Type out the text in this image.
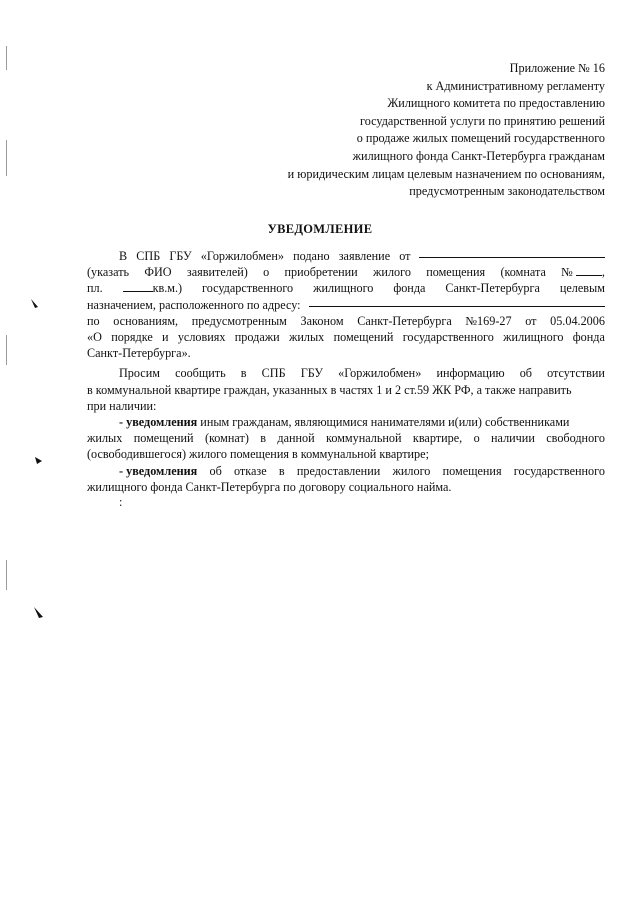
Приложение № 16
к Административному регламенту
Жилищного комитета по предоставлению
государственной услуги по принятию решений
о продаже жилых помещений государственного
жилищного фонда Санкт-Петербурга гражданам
и юридическим лицам целевым назначением по основаниям,
предусмотренным законодательством
УВЕДОМЛЕНИЕ
В
СПБ
ГБУ
«Горжилобмен»
подано
заявление
от
(указать ФИО заявителей) о приобретении жилого помещения (комната № ,
пл.	кв.м.) государственного жилищного фонда Санкт-Петербурга целевым
назначением, расположенного по адресу:
по основаниям, предусмотренным Законом Санкт-Петербурга №169-27 от 05.04.2006
«О порядке и условиях продажи жилых помещений государственного жилищного фонда
Санкт-Петербурга».
Просим сообщить в СПБ ГБУ «Горжилобмен» информацию об отсутствии
в коммунальной квартире граждан, указанных в частях 1 и 2 ст.59 ЖК РФ, а также направить
при наличии:
- уведомления
иным гражданам, являющимися нанимателями и(или) собственниками
жилых помещений (комнат) в данной коммунальной квартире, о наличии свободного
(освободившегося) жилого помещения в коммунальной квартире;
- уведомления об отказе в предоставлении жилого помещения государственного
жилищного фонда Санкт-Петербурга по договору социального найма.
:
